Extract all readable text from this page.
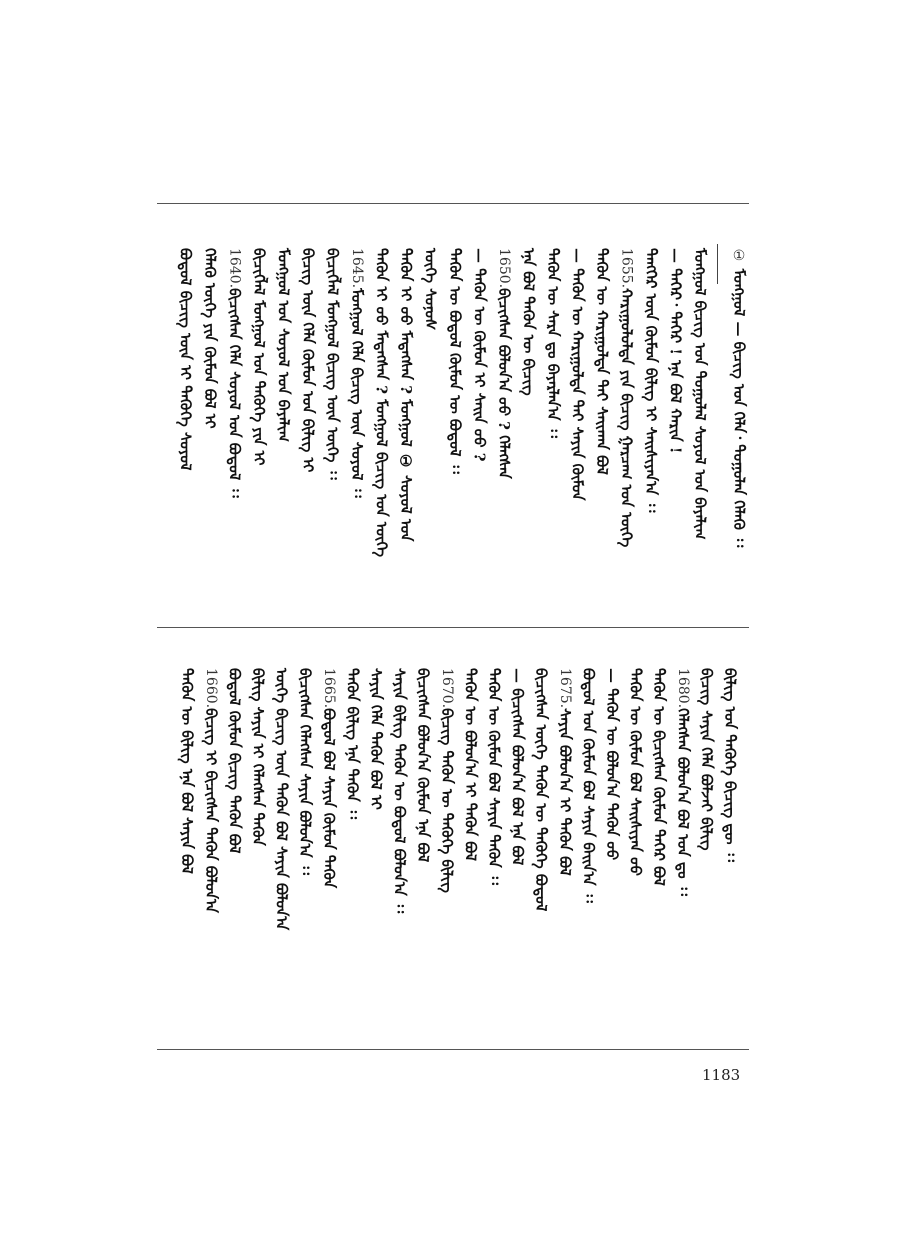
① ᠮᠣᠩᠭᠣᠯ — ᠪᠢᠴᠢᠭ᠌ ᠤᠨ ᠬᠡᠯᠡ᠂ ᠳᠤᠭᠤᠯᠠᠨ ᠬᠡᠯᠡᠬᠦ ᠄᠄
ᠮᠣᠩᠭᠣᠯ ᠪᠢᠴᠢᠭ᠌ ᠤᠨ ᠳᠤᠭᠤᠯᠠᠯ ᠰᠣᠶᠣᠯ ᠤᠨ ᠪᠠᠶᠠᠯᠢᠭ
— ᠲᠡᠭᠡᠷ᠂ ᠲᠡᠭᠡᠷ ! ᠡᠨᠡ ᠪᠣᠯ ᠬᠠᠷᠢᠨ !
ᠲᠡᠩᠭᠡᠷ ᠦᠨ ᠬᠦᠮᠦᠨ ᠪᠢᠯᠢᠭ᠌ ᠢ ᠰᠠᠢᠰᠢᠶᠠᠨ᠎ᠠ ᠄᠄
1655.ᠬᠠᠷᠢᠭᠤᠯᠤᠯᠲᠠ ᠶᠢᠨ ᠪᠢᠴᠢᠭ᠌ ᠭᠠᠷᠴᠠᠭ ᠤᠨ ᠦᠭᠡ
ᠲᠡᠭᠦᠨ ᠦ ᠬᠠᠷᠢᠭᠤᠯᠲᠠ ᠲᠠᠢ ᠰᠠᠢᠬᠠᠨ ᠪᠣᠯ
— ᠲᠡᠭᠦᠨ ᠦ ᠬᠠᠷᠢᠭᠤᠯᠲᠠ ᠲᠠᠢ ᠰᠠᠶᠢᠨ ᠬᠦᠮᠦᠨ
ᠲᠡᠭᠦᠨ ᠦ ᠰᠠᠷᠠ ᠳᠤ ᠪᠠᠶᠠᠷᠯᠠᠨ᠎ᠠ ᠄᠄
ᠡᠨᠡ ᠪᠣᠯ ᠲᠡᠭᠦᠨ ᠦ ᠪᠢᠴᠢᠭ᠌
1650.ᠪᠢᠴᠢᠭᠰᠡᠨ ᠪᠣᠯᠤᠨ᠎ᠠ ᠤᠤ ? ᠬᠡᠯᠡᠭᠰᠡᠨ
— ᠲᠡᠭᠦᠨ ᠦ ᠬᠦᠮᠦᠨ ᠢ ᠰᠠᠢᠨ ᠤᠤ ?
ᠲᠡᠭᠦᠨ ᠦ ᠪᠣᠳᠣᠯ ᠬᠦᠮᠦᠨ ᠦ ᠪᠣᠳᠣᠯ ᠄᠄
ᠦᠭᠡ ᠰᠣᠨᠣᠰ
ᠲᠡᠭᠦᠨ ᠢ ᠤᠤ ᠮᠡᠳᠡᠭᠰᠡᠨ ? ᠮᠣᠩᠭᠣᠯ ① ᠰᠣᠶᠣᠯ ᠤᠨ
ᠲᠡᠭᠦᠨ ᠢ ᠤᠤ ᠮᠡᠳᠡᠭᠰᠡᠨ ? ᠮᠣᠩᠭᠣᠯ ᠪᠢᠴᠢᠭ᠌ ᠤᠨ ᠦᠭᠡ
1645.ᠮᠣᠩᠭᠣᠯ ᠬᠡᠯᠡ ᠪᠢᠴᠢᠭ᠌ ᠦᠨ ᠰᠣᠶᠣᠯ ᠄᠄
ᠪᠢᠴᠢᠭᠯᠡᠯ ᠮᠣᠩᠭᠣᠯ ᠪᠢᠴᠢᠭ᠌ ᠦᠨ ᠦᠭᠡ ᠄᠄
ᠪᠢᠴᠢᠭ᠌ ᠦᠨ ᠬᠡᠯᠡ ᠬᠦᠮᠦᠨ ᠤᠨ ᠪᠢᠯᠢᠭ᠌ ᠢ
ᠮᠣᠩᠭᠣᠯ ᠤᠨ ᠰᠣᠶᠣᠯ ᠤᠨ ᠪᠠᠶᠠᠯᠢᠭ
ᠪᠢᠴᠢᠭᠯᠡᠯ ᠮᠣᠩᠭᠣᠯ ᠤᠨ ᠲᠡᠭᠦᠬᠡ ᠶᠢᠨ ᠢ
1640.ᠪᠢᠴᠢᠭᠰᠡᠨ ᠬᠡᠯᠡ ᠰᠣᠶᠣᠯ ᠤᠨ ᠪᠣᠳᠣᠯ ᠄᠄
ᠬᠡᠯᠡᠬᠦ ᠦᠭᠡ ᠶᠢᠨ ᠬᠦᠮᠦᠨ ᠪᠣᠯ ᠢ
ᠪᠣᠳᠣᠯ ᠪᠢᠴᠢᠭ᠌ ᠦᠨ ᠢ ᠲᠡᠭᠦᠬᠡ ᠰᠣᠶᠣᠯ
ᠪᠢᠯᠢᠭ᠌ ᠤᠨ ᠲᠡᠭᠦᠬᠡ ᠪᠢᠴᠢᠭ᠌ ᠳᠦ ᠄᠄
ᠪᠢᠴᠢᠭ᠌ ᠰᠠᠶᠢᠨ ᠬᠡᠯᠡ ᠪᠣᠯᠵᠠᠢ ᠪᠢᠯᠢᠭ᠌
1680.ᠬᠡᠯᠡᠭᠰᠡᠨ ᠪᠣᠯᠤᠨ᠎ᠠ ᠪᠣᠯ ᠤᠨ ᠳᠤ ᠄᠄
ᠲᠡᠭᠦᠨ ᠦ ᠪᠢᠴᠢᠭᠰᠡᠨ ᠬᠦᠮᠦᠨ ᠲᠡᠭᠡᠷ ᠪᠣᠯ
ᠲᠡᠭᠦᠨ ᠦ ᠬᠦᠮᠦᠨ ᠪᠣᠯ ᠰᠠᠢᠰᠢᠶᠠᠨ ᠤᠤ
— ᠲᠡᠭᠦᠨ ᠦ ᠪᠣᠯᠤᠨ᠎ᠠ ᠲᠡᠭᠦᠨ ᠤᠤ
ᠪᠣᠳᠣᠯ ᠤᠨ ᠬᠦᠮᠦᠨ ᠪᠣᠯ ᠰᠠᠶᠢᠨ ᠪᠠᠢᠨ᠎ᠠ ᠄᠄
1675.ᠰᠠᠶᠢᠨ ᠪᠣᠯᠤᠨ᠎ᠠ ᠢ ᠲᠡᠭᠦᠨ ᠪᠣᠯ
ᠪᠢᠴᠢᠭᠰᠡᠨ ᠦᠭᠡ ᠲᠡᠭᠦᠨ ᠦ ᠲᠡᠭᠦᠬᠡ ᠪᠣᠳᠣᠯ
— ᠪᠢᠴᠢᠭᠰᠡᠨ ᠪᠣᠯᠤᠨ᠎ᠠ ᠪᠣᠯ ᠡᠨᠡ ᠪᠣᠯ
ᠲᠡᠭᠦᠨ ᠦ ᠬᠦᠮᠦᠨ ᠪᠣᠯ ᠰᠠᠶᠢᠨ ᠲᠡᠭᠦᠨ ᠄᠄
ᠲᠡᠭᠦᠨ ᠦ ᠪᠣᠯᠤᠨ᠎ᠠ ᠢ ᠲᠡᠭᠦᠨ ᠪᠣᠯ
1670.ᠪᠢᠴᠢᠭ᠌ ᠲᠡᠭᠦᠨ ᠦ ᠲᠡᠭᠦᠬᠡ ᠪᠢᠯᠢᠭ᠌
ᠪᠢᠴᠢᠭᠰᠡᠨ ᠪᠣᠯᠤᠨ᠎ᠠ ᠬᠦᠮᠦᠨ ᠡᠨᠡ ᠪᠣᠯ
ᠰᠠᠶᠢᠨ ᠪᠢᠯᠢᠭ᠌ ᠲᠡᠭᠦᠨ ᠦ ᠪᠣᠳᠣᠯ ᠪᠣᠯᠤᠨ᠎ᠠ ᠄᠄
ᠰᠠᠶᠢᠨ ᠬᠡᠯᠡ ᠲᠡᠭᠦᠨ ᠪᠣᠯ ᠢ
ᠲᠡᠭᠦᠨ ᠪᠢᠯᠢᠭ᠌ ᠡᠨᠡ ᠲᠡᠭᠦᠨ ᠄᠄
1665.ᠪᠣᠳᠣᠯ ᠪᠣᠯ ᠰᠠᠶᠢᠨ ᠬᠦᠮᠦᠨ ᠲᠡᠭᠦᠨ
ᠪᠢᠴᠢᠭᠰᠡᠨ ᠬᠡᠯᠡᠭᠰᠡᠨ ᠰᠠᠶᠢᠨ ᠪᠣᠯᠤᠨ᠎ᠠ ᠄᠄
ᠦᠭᠡ ᠪᠢᠴᠢᠭ᠌ ᠦᠨ ᠲᠡᠭᠦᠨ ᠪᠣᠯ ᠰᠠᠶᠢᠨ ᠪᠣᠯᠤᠨ᠎ᠠ
ᠪᠢᠯᠢᠭ᠌ ᠰᠠᠶᠢᠨ ᠢ ᠬᠡᠯᠡᠭᠰᠡᠨ ᠲᠡᠭᠦᠨ
ᠪᠣᠳᠣᠯ ᠬᠦᠮᠦᠨ ᠪᠢᠴᠢᠭ᠌ ᠲᠡᠭᠦᠨ ᠪᠣᠯ
1660.ᠪᠢᠴᠢᠭ᠌ ᠢ ᠪᠢᠴᠢᠭᠰᠡᠨ ᠲᠡᠭᠦᠨ ᠪᠣᠯᠤᠨ᠎ᠠ
ᠲᠡᠭᠦᠨ ᠦ ᠪᠢᠯᠢᠭ᠌ ᠡᠨᠡ ᠪᠣᠯ ᠰᠠᠶᠢᠨ ᠪᠣᠯ
1183
